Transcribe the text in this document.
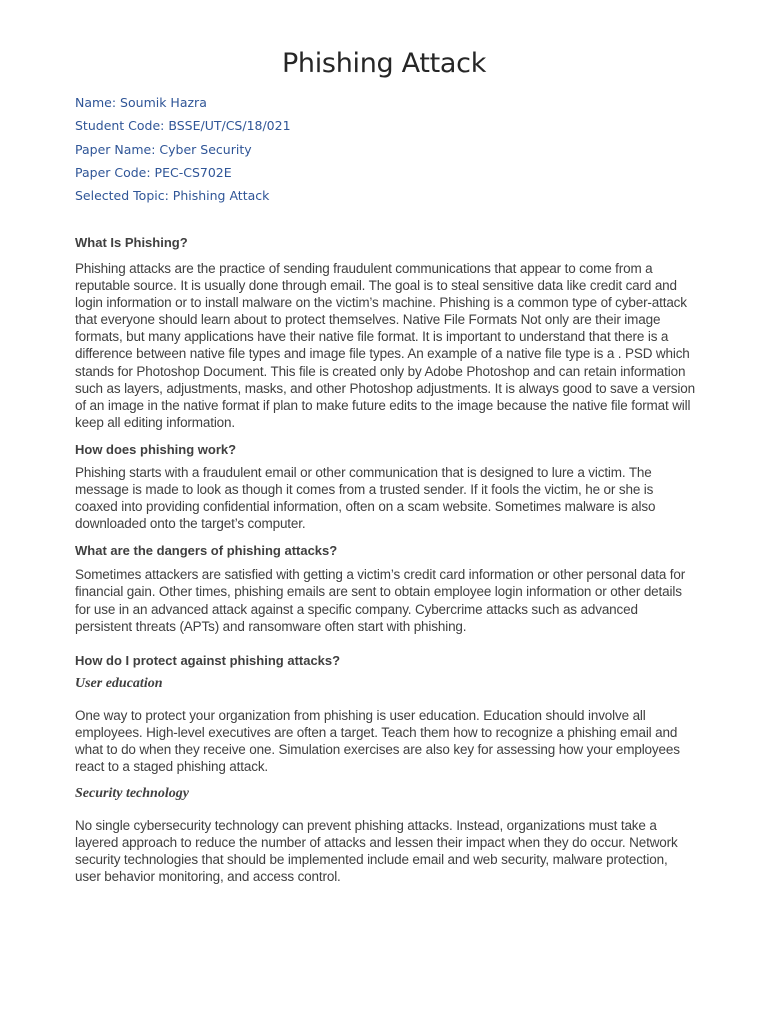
Phishing Attack
Name: Soumik Hazra
Student Code: BSSE/UT/CS/18/021
Paper Name: Cyber Security
Paper Code: PEC-CS702E
Selected Topic: Phishing Attack
What Is Phishing?

Phishing attacks are the practice of sending fraudulent communications that appear to come from a reputable source. It is usually done through email. The goal is to steal sensitive data like credit card and login information or to install malware on the victim’s machine. Phishing is a common type of cyber-attack that everyone should learn about to protect themselves. Native File Formats Not only are their image formats, but many applications have their native file format. It is important to understand that there is a difference between native file types and image file types. An example of a native file type is a . PSD which stands for Photoshop Document. This file is created only by Adobe Photoshop and can retain information such as layers, adjustments, masks, and other Photoshop adjustments. It is always good to save a version of an image in the native format if plan to make future edits to the image because the native file format will keep all editing information.

How does phishing work?

Phishing starts with a fraudulent email or other communication that is designed to lure a victim. The message is made to look as though it comes from a trusted sender. If it fools the victim, he or she is coaxed into providing confidential information, often on a scam website. Sometimes malware is also downloaded onto the target’s computer.

What are the dangers of phishing attacks?

Sometimes attackers are satisfied with getting a victim’s credit card information or other personal data for financial gain. Other times, phishing emails are sent to obtain employee login information or other details for use in an advanced attack against a specific company. Cybercrime attacks such as advanced persistent threats (APTs) and ransomware often start with phishing.

How do I protect against phishing attacks?
User education

One way to protect your organization from phishing is user education. Education should involve all employees. High-level executives are often a target. Teach them how to recognize a phishing email and what to do when they receive one. Simulation exercises are also key for assessing how your employees react to a staged phishing attack.

Security technology

No single cybersecurity technology can prevent phishing attacks. Instead, organizations must take a layered approach to reduce the number of attacks and lessen their impact when they do occur. Network security technologies that should be implemented include email and web security, malware protection, user behavior monitoring, and access control.
